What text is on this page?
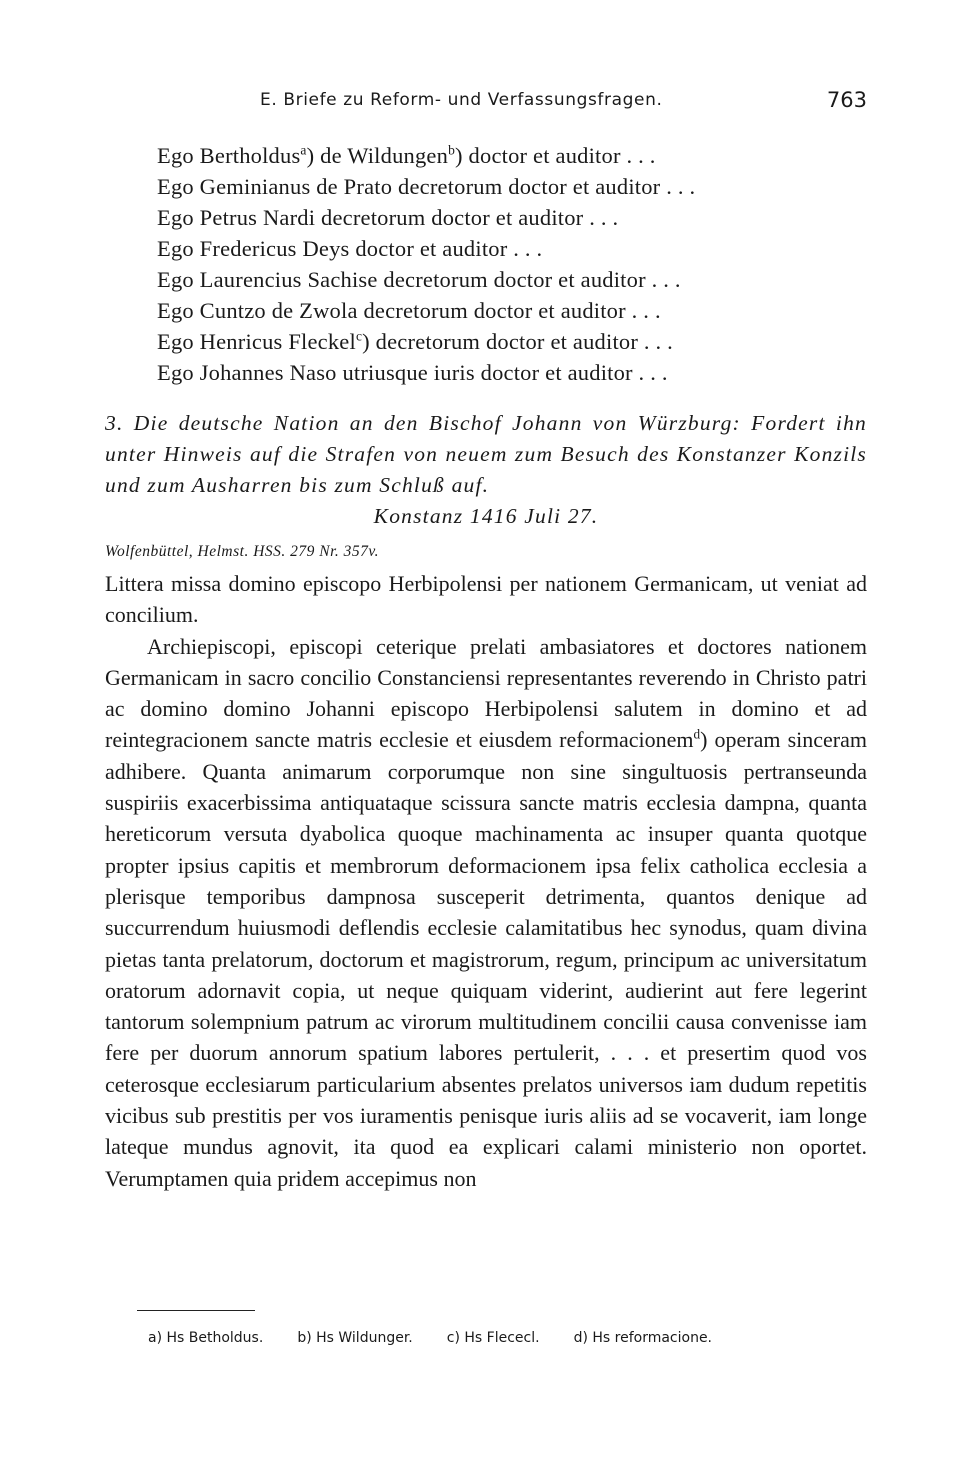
E. Briefe zu Reform- und Verfassungsfragen.	763
Ego Bertholdus$^a$) de Wildungen$^b$) doctor et auditor . . .
Ego Geminianus de Prato decretorum doctor et auditor . . .
Ego Petrus Nardi decretorum doctor et auditor . . .
Ego Fredericus Deys doctor et auditor . . .
Ego Laurencius Sachise decretorum doctor et auditor . . .
Ego Cuntzo de Zwola decretorum doctor et auditor . . .
Ego Henricus Fleckel$^c$) decretorum doctor et auditor . . .
Ego Johannes Naso utriusque iuris doctor et auditor . . .
3. Die deutsche Nation an den Bischof Johann von Würzburg: Fordert ihn unter Hinweis auf die Strafen von neuem zum Besuch des Konstanzer Konzils und zum Ausharren bis zum Schluß auf.
Konstanz 1416 Juli 27.
Wolfenbüttel, Helmst. HSS. 279 Nr. 357v.

Littera missa domino episcopo Herbipolensi per nationem Germanicam, ut veniat ad concilium.

Archiepiscopi, episcopi ceterique prelati ambasiatores et doctores nationem Germanicam in sacro concilio Constanciensi representantes reverendo in Christo patri ac domino domino Johanni episcopo Herbipolensi salutem in domino et ad reintegracionem sancte matris ecclesie et eiusdem reformacionem$^d$) operam sinceram adhibere. Quanta animarum corporumque non sine singultuosis pertranseunda suspiriis exacerbissima antiquataque scissura sancte matris ecclesia dampna, quanta hereticorum versuta dyabolica quoque machinamenta ac insuper quanta quotque propter ipsius capitis et membrorum deformacionem ipsa felix catholica ecclesia a plerisque temporibus dampnosa susceperit detrimenta, quantos denique ad succurrendum huiusmodi deflendis ecclesie calamitatibus hec synodus, quam divina pietas tanta prelatorum, doctorum et magistrorum, regum, principum ac universitatum oratorum adornavit copia, ut neque quiquam viderint, audierint aut fere legerint tantorum solempnium patrum ac virorum multitudinem concilii causa convenisse iam fere per duorum annorum spatium labores pertulerit, . . . et presertim quod vos ceterosque ecclesiarum particularium absentes prelatos universos iam dudum repetitis vicibus sub prestitis per vos iuramentis penisque iuris aliis ad se vocaverit, iam longe lateque mundus agnovit, ita quod ea explicari calami ministerio non oportet. Verumptamen quia pridem accepimus non

a) Hs Betholdus. b) Hs Wildunger. c) Hs Flececl. d) Hs reformacione.
